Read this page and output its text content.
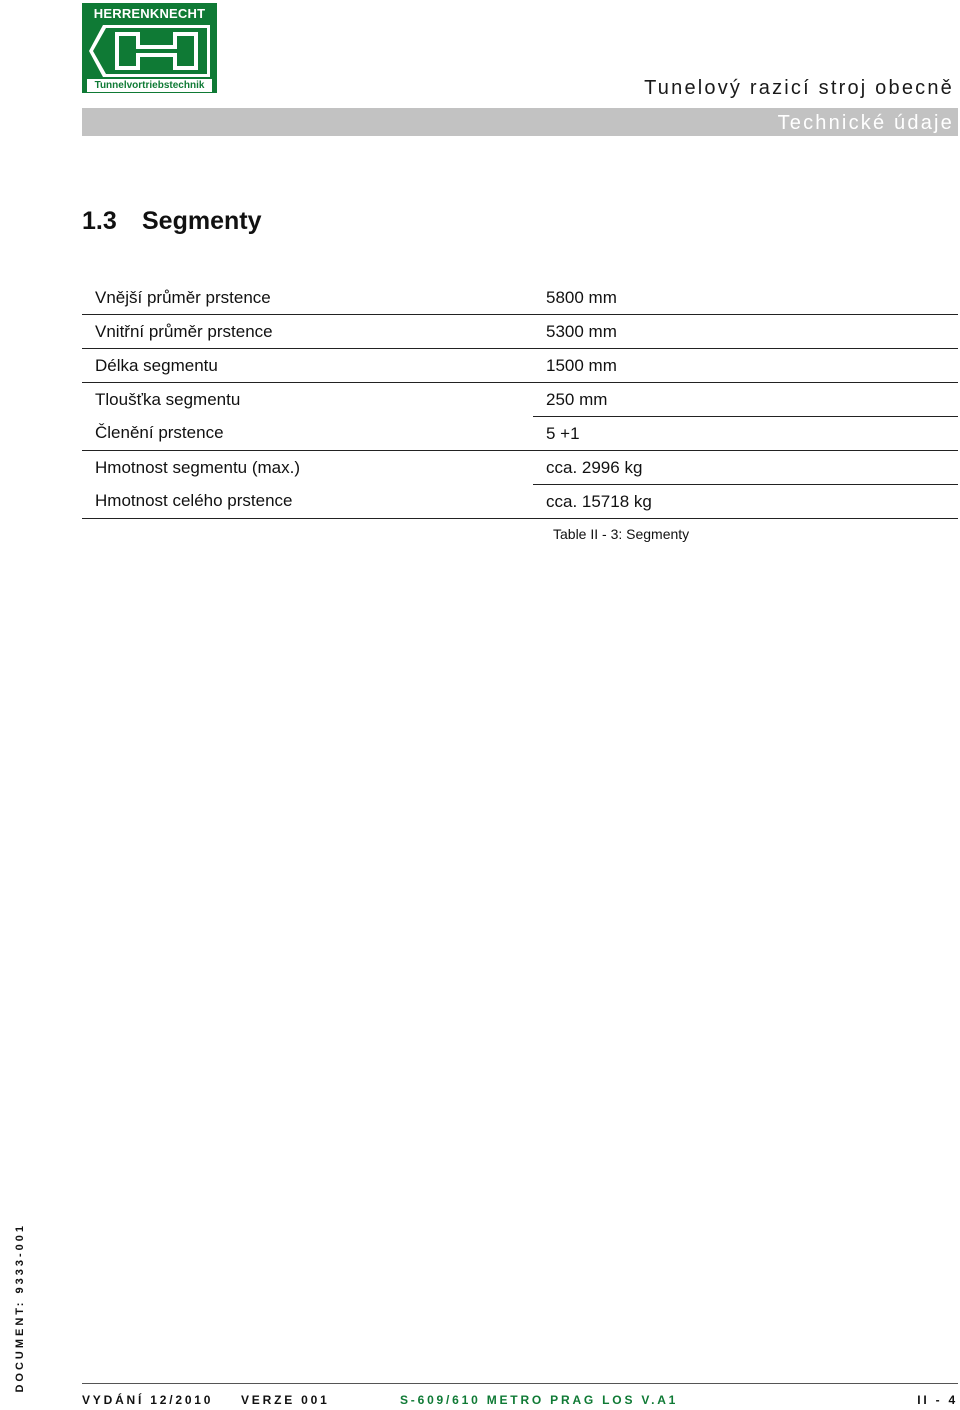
HERRENKNECHT
Tunnelvortriebstechnik	Tunelový razicí stroj obecně
Technické údaje
1.3 Segmenty
Vnější průměr prstence	5800 mm
Vnitřní průměr prstence	5300 mm
Délka segmentu	1500 mm
Tloušťka segmentu	250 mm
Členění prstence	5 +1
Hmotnost segmentu (max.)	cca. 2996 kg
Hmotnost celého prstence	cca. 15718 kg
Table II - 3: Segmenty
DOCUMENT: 9333-001
VYDÁNÍ 12/2010 VERZE 001	S-609/610 METRO PRAG LOS V.A1	II - 4
